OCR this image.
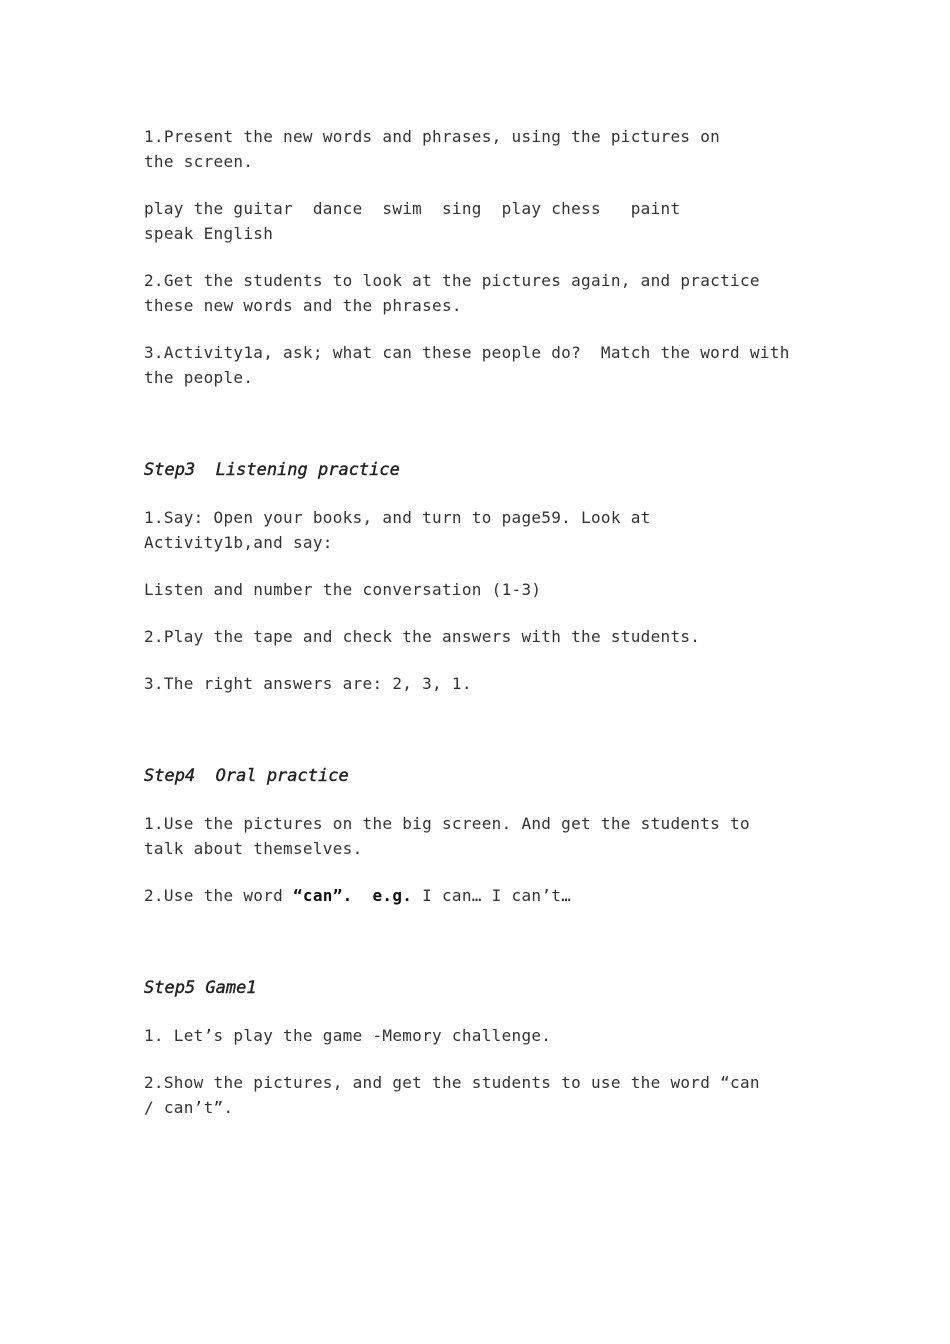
1.Present the new words and phrases, using the pictures on the screen.

play the guitar  dance  swim  sing  play chess   paint   speak English

2.Get the students to look at the pictures again, and practice these new words and the phrases.

3.Activity1a, ask; what can these people do?  Match the word with the people.

Step3  Listening practice

1.Say: Open your books, and turn to page59. Look at Activity1b,and say:

Listen and number the conversation (1-3)

2.Play the tape and check the answers with the students.

3.The right answers are: 2, 3, 1.

Step4  Oral practice

1.Use the pictures on the big screen. And get the students to talk about themselves.

2.Use the word “can”.  e.g. I can… I can’t…

Step5 Game1

1. Let’s play the game -Memory challenge.

2.Show the pictures, and get the students to use the word “can / can’t”.
